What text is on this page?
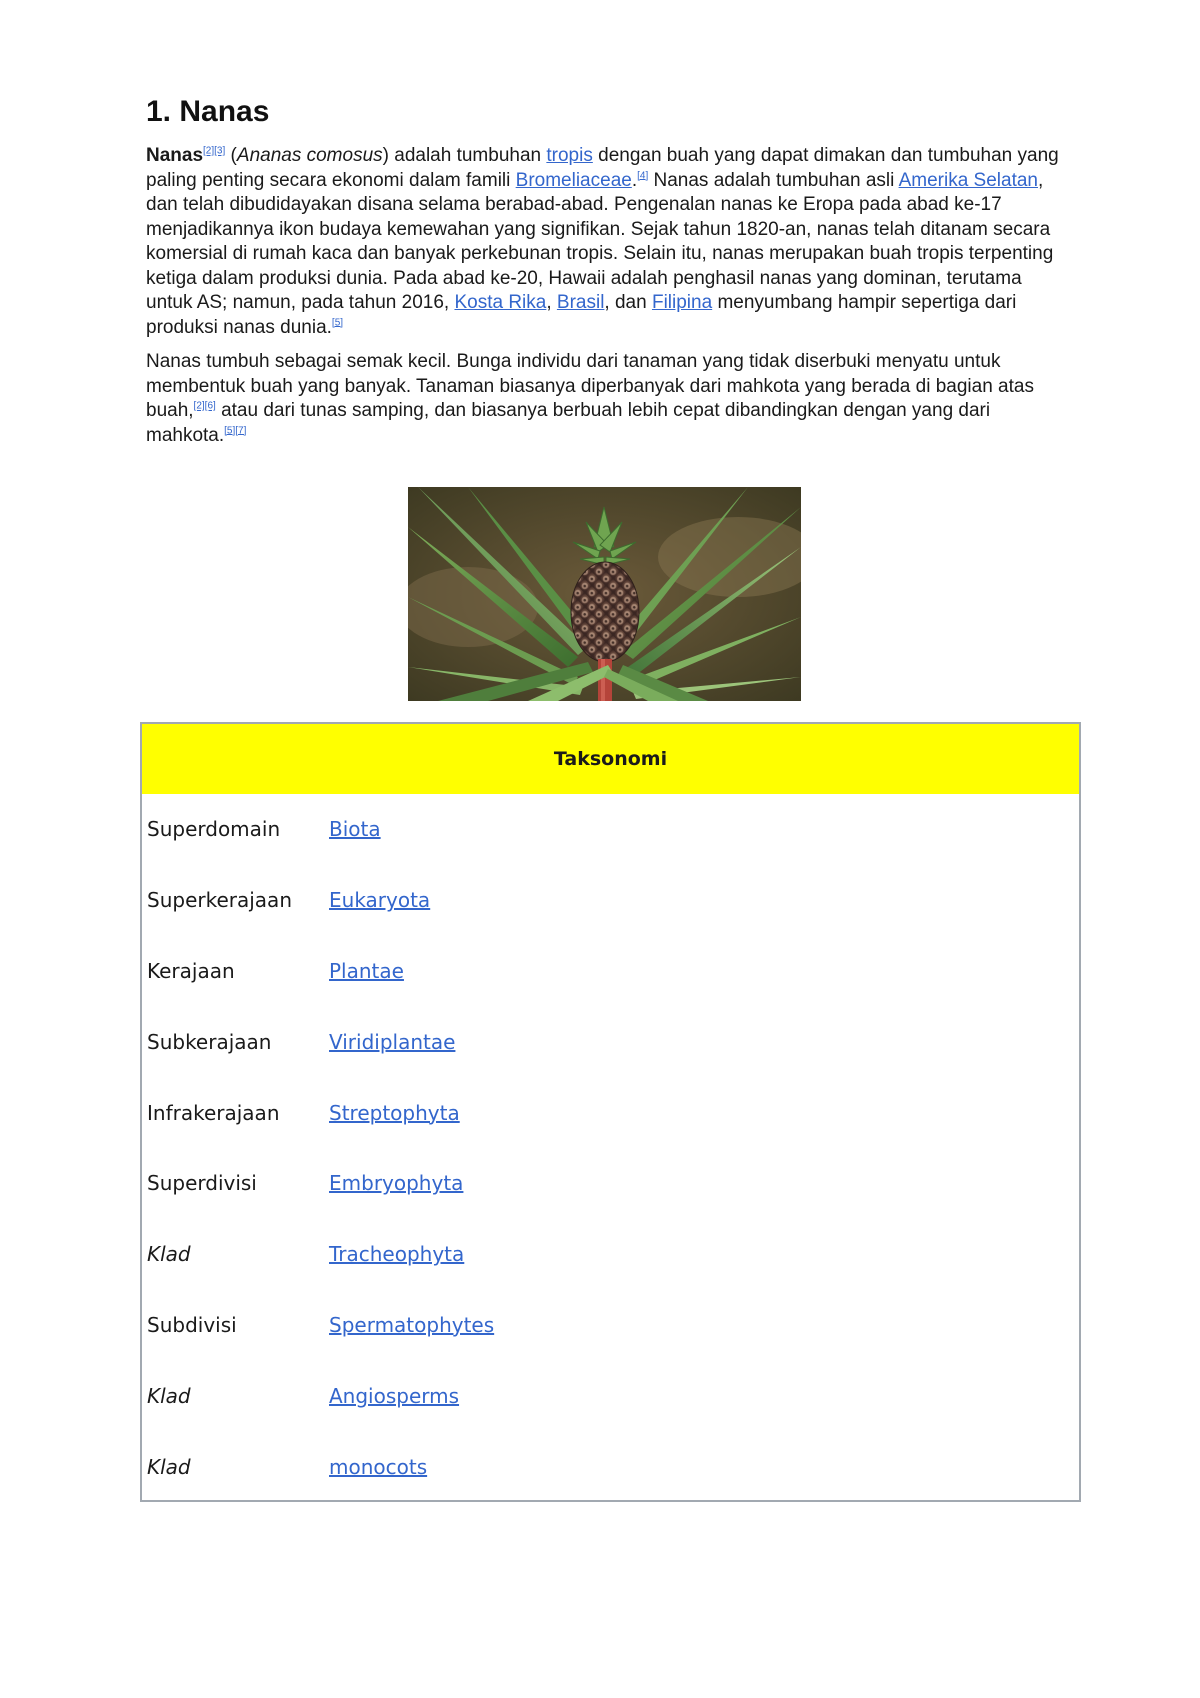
1. Nanas

Nanas[2][3] (Ananas comosus) adalah tumbuhan tropis dengan buah yang dapat dimakan dan tumbuhan yang paling penting secara ekonomi dalam famili Bromeliaceae.[4] Nanas adalah tumbuhan asli Amerika Selatan, dan telah dibudidayakan disana selama berabad-abad. Pengenalan nanas ke Eropa pada abad ke-17 menjadikannya ikon budaya kemewahan yang signifikan. Sejak tahun 1820-an, nanas telah ditanam secara komersial di rumah kaca dan banyak perkebunan tropis. Selain itu, nanas merupakan buah tropis terpenting ketiga dalam produksi dunia. Pada abad ke-20, Hawaii adalah penghasil nanas yang dominan, terutama untuk AS; namun, pada tahun 2016, Kosta Rika, Brasil, dan Filipina menyumbang hampir sepertiga dari produksi nanas dunia.[5]

Nanas tumbuh sebagai semak kecil. Bunga individu dari tanaman yang tidak diserbuki menyatu untuk membentuk buah yang banyak. Tanaman biasanya diperbanyak dari mahkota yang berada di bagian atas buah,[2][6] atau dari tunas samping, dan biasanya berbuah lebih cepat dibandingkan dengan yang dari mahkota.[5][7]

Taksonomi
Superdomain	Biota
Superkerajaan	Eukaryota
Kerajaan	Plantae
Subkerajaan	Viridiplantae
Infrakerajaan	Streptophyta
Superdivisi	Embryophyta
Klad	Tracheophyta
Subdivisi	Spermatophytes
Klad	Angiosperms
Klad	monocots
